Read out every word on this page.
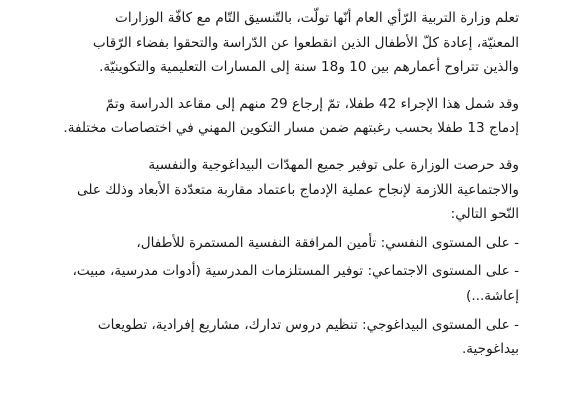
تعلم وزارة التربية الرّأي العام أنّها تولّت، بالتّنسيق التّام مع كافّة الوزارات
المعنيّة، إعادة كلّ الأطفال الذين انقطعوا عن الدّراسة والتحقوا بفضاء الرّقاب
والذين تتراوح أعمارهم بين 10 و18 سنة إلى المسارات التعليمية والتكوينيّة.

وقد شمل هذا الإجراء 42 طفلا، تمّ إرجاع 29 منهم إلى مقاعد الدراسة وتمّ
إدماج 13 طفلا بحسب رغبتهم ضمن مسار التكوين المهني في اختصاصات مختلفة.

وقد حرصت الوزارة على توفير جميع المهدّات البيداغوجية والنفسية
والاجتماعية اللازمة لإنجاح عملية الإدماج باعتماد مقاربة متعدّدة الأبعاد وذلك على
النّحو التالي:

- على المستوى النفسي: تأمين المرافقة النفسية المستمرة للأطفال،

- على المستوى الاجتماعي: توفير المستلزمات المدرسية (أدوات مدرسية، مبيت،
إعاشة...)

- على المستوى البيداغوجي: تنظيم دروس تدارك، مشاريع إفرادية، تطويعات
بيداغوجية.
